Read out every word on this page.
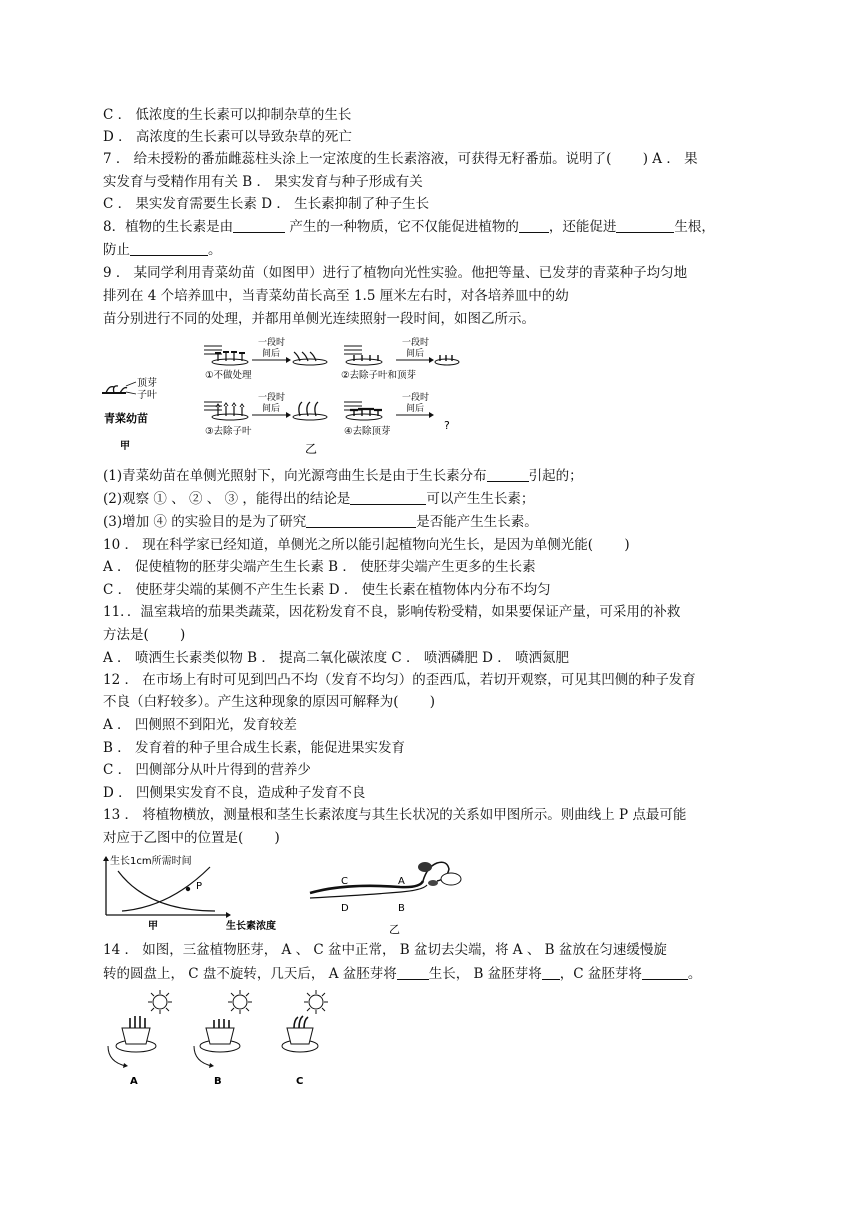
C ． 低浓度的生长素可以抑制杂草的生长
D ． 高浓度的生长素可以导致杂草的死亡
7 ． 给未授粉的番茄雌蕊柱头涂上一定浓度的生长素溶液，可获得无籽番茄。说明了(　　 ) A ． 果
实发育与受精作用有关 B ． 果实发育与种子形成有关
C ． 果实发育需要生长素 D ． 生长素抑制了种子生长
8．植物的生长素是由	产生的一种物质，它不仅能促进植物的 ，还能促进	生根，
防止	。
9 ． 某同学利用青菜幼苗（如图甲）进行了植物向光性实验。他把等量、已发芽的青菜种子均匀地
排列在 4 个培养皿中，当青菜幼苗长高至 1.5 厘米左右时，对各培养皿中的幼
苗分别进行不同的处理，并都用单侧光连续照射一段时间，如图乙所示。
顶芽
子叶
青菜幼苗
甲
一段时
间后
①不做处理
一段时
间后
②去除子叶和顶芽
一段时
间后
③去除子叶
一段时
间后
?
④去除顶芽
乙
(1)青菜幼苗在单侧光照射下，向光源弯曲生长是由于生长素分布	引起的；
(2)观察 ① 、 ② 、 ③ ，能得出的结论是	可以产生生长素；
(3)增加 ④ 的实验目的是为了研究	是否能产生生长素。
10 ． 现在科学家已经知道，单侧光之所以能引起植物向光生长，是因为单侧光能(　　 )
A ． 促使植物的胚芽尖端产生生长素 B ． 使胚芽尖端产生更多的生长素
C ． 使胚芽尖端的某侧不产生生长素 D ． 使生长素在植物体内分布不均匀
11．．温室栽培的茄果类蔬菜，因花粉发育不良，影响传粉受精，如果要保证产量，可采用的补救
方法是(　　 )
A ． 喷洒生长素类似物 B ． 提高二氧化碳浓度 C ． 喷洒磷肥 D ． 喷洒氮肥
12 ． 在市场上有时可见到凹凸不均（发育不均匀）的歪西瓜，若切开观察，可见其凹侧的种子发育
不良（白籽较多）。产生这种现象的原因可解释为(　　 )
A ． 凹侧照不到阳光，发育较差
B ． 发育着的种子里合成生长素，能促进果实发育
C ． 凹侧部分从叶片得到的营养少
D ． 凹侧果实发育不良，造成种子发育不良
13 ． 将植物横放，测量根和茎生长素浓度与其生长状况的关系如甲图所示。则曲线上 P 点最可能
对应于乙图中的位置是(　　 )
生长1cm所需时间
P
甲	生长素浓度
C	A
D	B
乙
14 ． 如图，三盆植物胚芽， A 、 C 盆中正常， B 盆切去尖端，将 A 、 B 盆放在匀速缓慢旋
转的圆盘上， C 盘不旋转，几天后， A 盆胚芽将 生长， B 盆胚芽将 ，C 盆胚芽将	。
A	B	C
